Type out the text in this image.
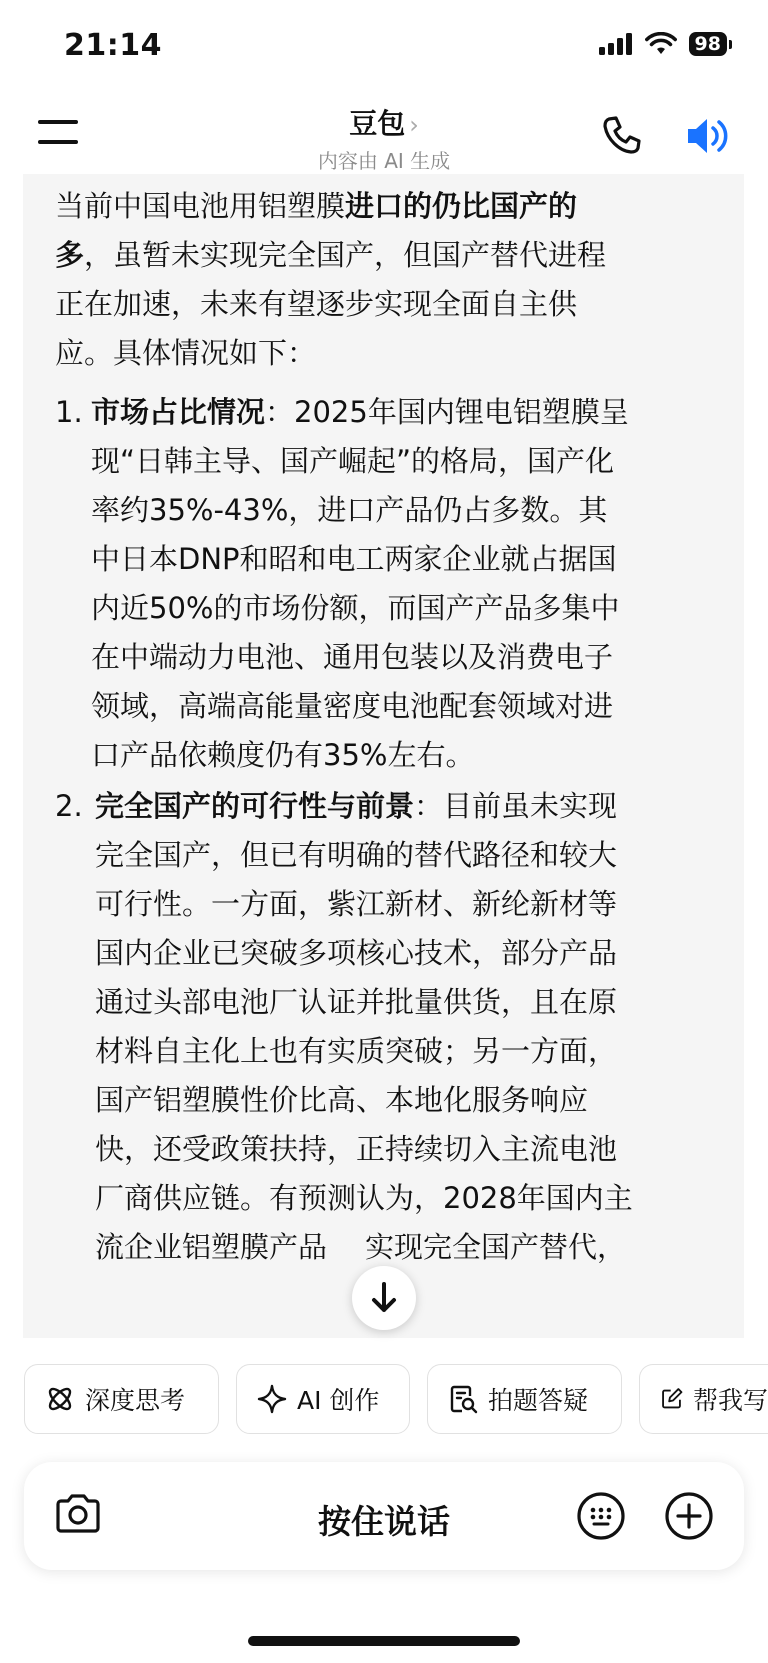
21:14	98
豆包 ›
内容由 AI 生成
当前中国电池用铝塑膜进口的仍比国产的
多，虽暂未实现完全国产，但国产替代进程
正在加速，未来有望逐步实现全面自主供
应。具体情况如下：
1. 市场占比情况：2025年国内锂电铝塑膜呈
现“日韩主导、国产崛起”的格局，国产化
率约35%-43%，进口产品仍占多数。其
中日本DNP和昭和电工两家企业就占据国
内近50%的市场份额，而国产产品多集中
在中端动力电池、通用包装以及消费电子
领域，高端高能量密度电池配套领域对进
口产品依赖度仍有35%左右。
2. 完全国产的可行性与前景：目前虽未实现
完全国产，但已有明确的替代路径和较大
可行性。一方面，紫江新材、新纶新材等
国内企业已突破多项核心技术，部分产品
通过头部电池厂认证并批量供货，且在原
材料自主化上也有实质突破；另一方面，
国产铝塑膜性价比高、本地化服务响应
快，还受政策扶持，正持续切入主流电池
厂商供应链。有预测认为，2028年国内主
流企业铝塑膜产品 实现完全国产替代，
深度思考	AI 创作	拍题答疑	帮我写
按住说话
